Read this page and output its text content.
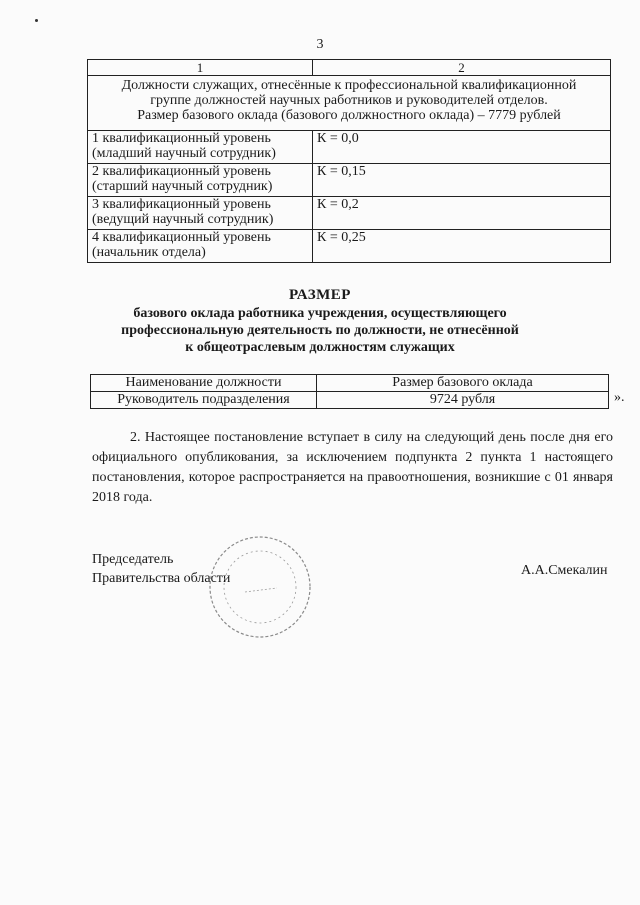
3
1	2

Должности служащих, отнесённые к профессиональной квалификационной
группе должностей научных работников и руководителей отделов.
Размер базового оклада (базового должностного оклада) – 7779 рублей	

1 квалификационный уровень
(младший научный сотрудник)	К = 0,0

2 квалификационный уровень
(старший научный сотрудник)	К = 0,15

3 квалификационный уровень
(ведущий научный сотрудник)	К = 0,2

4 квалификационный уровень
(начальник отдела)	К = 0,25
РАЗМЕР
базового оклада работника учреждения, осуществляющего
профессиональную деятельность по должности, не отнесённой
к общеотраслевым должностям служащих
Наименование должности	Размер базового оклада
Руководитель подразделения	9724 рубля	».
2. Настоящее постановление вступает в силу на следующий день после дня его официального опубликования, за исключением подпункта 2 пункта 1 настоящего постановления, которое распространяется на правоотношения, возникшие с 01 января 2018 года.
Председатель
Правительства области
А.А.Смекалин
